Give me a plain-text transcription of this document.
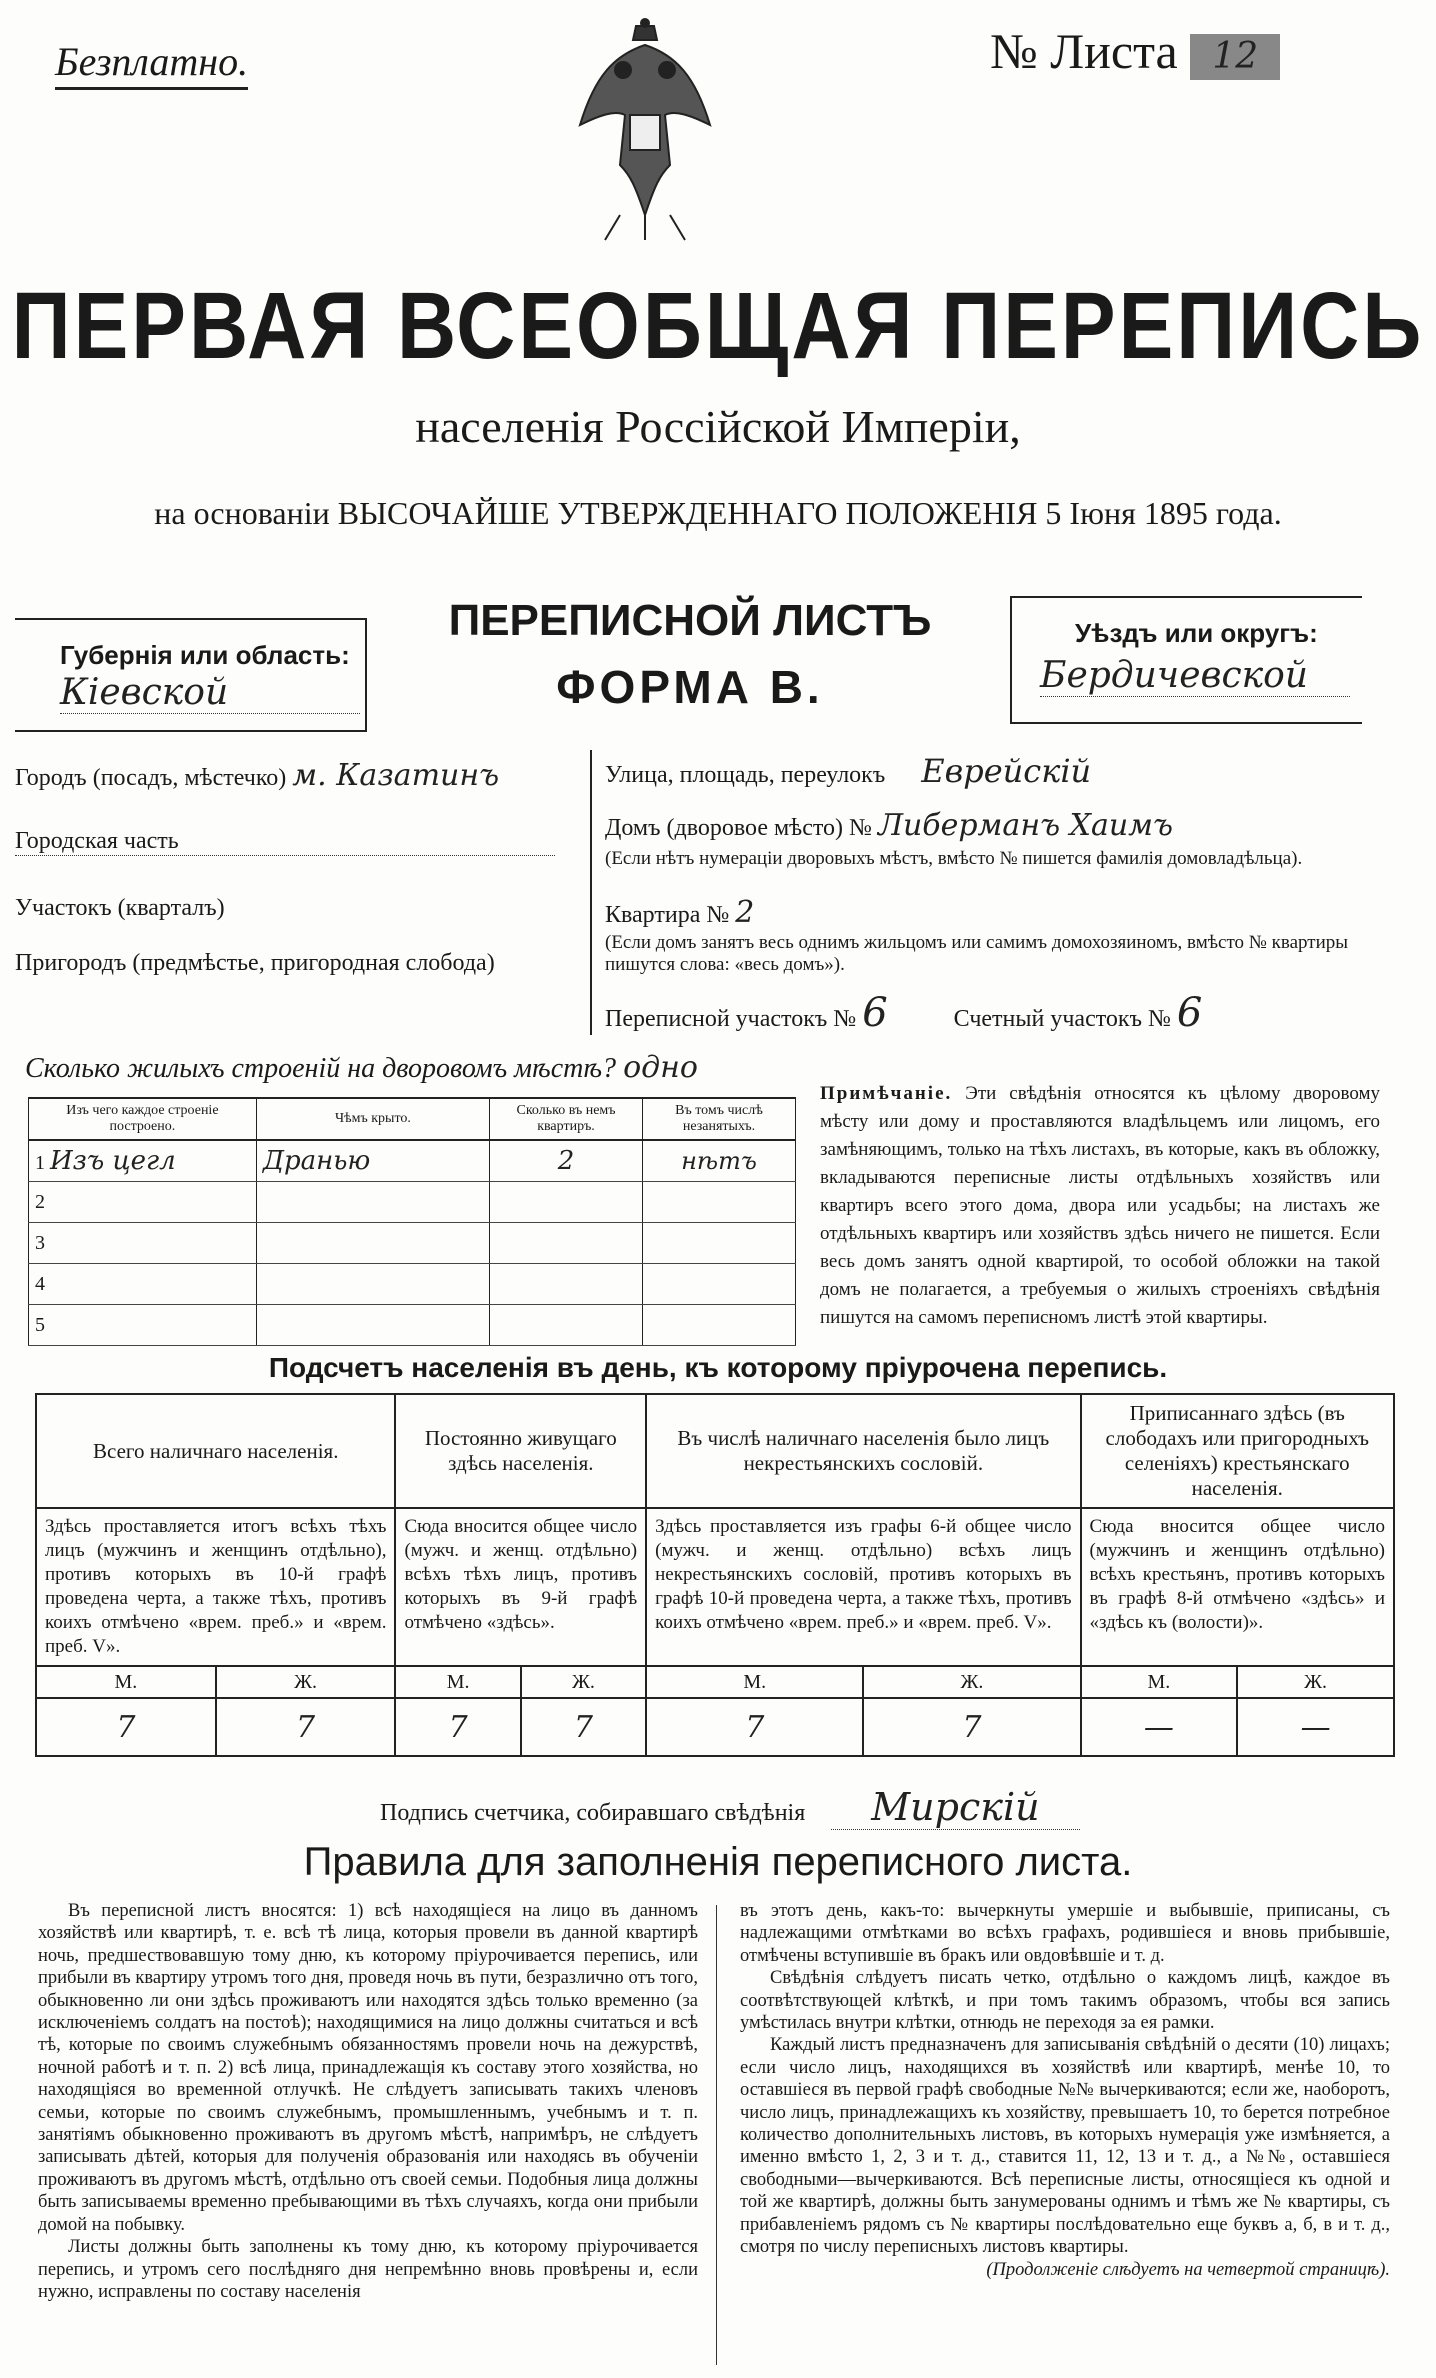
Безплатно.	№ Листа 12
ПЕРВАЯ ВСЕОБЩАЯ ПЕРЕПИСЬ
населенія Россійской Имперіи,
на основаніи ВЫСОЧАЙШЕ УТВЕРЖДЕННАГО ПОЛОЖЕНІЯ 5 Іюня 1895 года.
Губернія или область:
Кіевской
ПЕРЕПИСНОЙ ЛИСТЪ
ФОРМА В.
Уѣздъ или округъ:
Бердичевской
Городъ (посадъ, мѣстечко) м. Казатинъ
Городская часть
Участокъ (кварталъ)
Пригородъ (предмѣстье, пригородная слобода)
Улица, площадь, переулокъ Еврейскій
Домъ (дворовое мѣсто) № Либерманъ Хаимъ
(Если нѣтъ нумераціи дворовыхъ мѣстъ, вмѣсто № пишется фамилія домовладѣльца).
Квартира № 2
(Если домъ занятъ весь однимъ жильцомъ или самимъ домохозяиномъ, вмѣсто № квартиры пишутся слова: «весь домъ»).
Переписной участокъ № 6	Счетный участокъ № 6
Сколько жилыхъ строеній на дворовомъ мѣстѣ? одно
Изъ чего каждое строеніе построено.	Чѣмъ крыто.	Сколько въ немъ квартиръ.	Въ томъ числѣ незанятыхъ.
1 Изъ цегл	Дранью	2	нѣтъ
2			
3			
4			
5			
Примѣчаніе. Эти свѣдѣнія относятся къ цѣлому дворовому мѣсту или дому и проставляются владѣльцемъ или лицомъ, его замѣняющимъ, только на тѣхъ листахъ, въ которые, какъ въ обложку, вкладываются переписные листы отдѣльныхъ хозяйствъ или квартиръ всего этого дома, двора или усадьбы; на листахъ же отдѣльныхъ квартиръ или хозяйствъ здѣсь ничего не пишется. Если весь домъ занятъ одной квартирой, то особой обложки на такой домъ не полагается, а требуемыя о жилыхъ строеніяхъ свѣдѣнія пишутся на самомъ переписномъ листѣ этой квартиры.
Подсчетъ населенія въ день, къ которому пріурочена перепись.
Всего наличнаго населенія.		Постоянно живущаго здѣсь населенія.		Въ числѣ наличнаго населенія было лицъ некрестьянскихъ сословій.		Приписаннаго здѣсь (въ слободахъ или пригородныхъ селеніяхъ) крестьянскаго населенія.	
Здѣсь проставляется итогъ всѣхъ тѣхъ лицъ (мужчинъ и женщинъ отдѣльно), противъ которыхъ въ 10-й графѣ проведена черта, а также тѣхъ, противъ коихъ отмѣчено «врем. преб.» и «врем. преб. V».		Сюда вносится общее число (мужч. и женщ. отдѣльно) всѣхъ тѣхъ лицъ, противъ которыхъ въ 9-й графѣ отмѣчено «здѣсь».		Здѣсь проставляется изъ графы 6-й общее число (мужч. и женщ. отдѣльно) всѣхъ лицъ некрестьянскихъ сословій, противъ которыхъ въ графѣ 10-й проведена черта, а также тѣхъ, противъ коихъ отмѣчено «врем. преб.» и «врем. преб. V».		Сюда вносится общее число (мужчинъ и женщинъ отдѣльно) всѣхъ крестьянъ, противъ которыхъ въ графѣ 8-й отмѣчено «здѣсь» и «здѣсь къ (волости)».	
М.	Ж.	М.	Ж.	М.	Ж.	М.	Ж.
7	7	7	7	7	7	—	—
Подпись счетчика, собиравшаго свѣдѣнія Мирскій
Правила для заполненія переписного листа.
Въ переписной листъ вносятся: 1) всѣ находящіеся на лицо въ данномъ хозяйствѣ или квартирѣ, т. е. всѣ тѣ лица, которыя провели въ данной квартирѣ ночь, предшествовавшую тому дню, къ которому пріурочивается перепись, или прибыли въ квартиру утромъ того дня, проведя ночь въ пути, безразлично отъ того, обыкновенно ли они здѣсь проживаютъ или находятся здѣсь только временно (за исключеніемъ солдатъ на постоѣ); находящимися на лицо должны считаться и всѣ тѣ, которые по своимъ служебнымъ обязанностямъ провели ночь на дежурствѣ, ночной работѣ и т. п. 2) всѣ лица, принадлежащія къ составу этого хозяйства, но находящіяся во временной отлучкѣ. Не слѣдуетъ записывать такихъ членовъ семьи, которые по своимъ служебнымъ, промышленнымъ, учебнымъ и т. п. занятіямъ обыкновенно проживаютъ въ другомъ мѣстѣ, напримѣръ, не слѣдуетъ записывать дѣтей, которыя для полученія образованія или находясь въ обученіи проживаютъ въ другомъ мѣстѣ, отдѣльно отъ своей семьи. Подобныя лица должны быть записываемы временно пребывающими въ тѣхъ случаяхъ, когда они прибыли домой на побывку.
Листы должны быть заполнены къ тому дню, къ которому пріурочивается перепись, и утромъ сего послѣдняго дня непремѣнно вновь провѣрены и, если нужно, исправлены по составу населенія
въ этотъ день, какъ-то: вычеркнуты умершіе и выбывшіе, приписаны, съ надлежащими отмѣтками во всѣхъ графахъ, родившіеся и вновь прибывшіе, отмѣчены вступившіе въ бракъ или овдовѣвшіе и т. д.
Свѣдѣнія слѣдуетъ писать четко, отдѣльно о каждомъ лицѣ, каждое въ соотвѣтствующей клѣткѣ, и при томъ такимъ образомъ, чтобы вся запись умѣстилась внутри клѣтки, отнюдь не переходя за ея рамки.
Каждый листъ предназначенъ для записыванія свѣдѣній о десяти (10) лицахъ; если число лицъ, находящихся въ хозяйствѣ или квартирѣ, менѣе 10, то оставшіеся въ первой графѣ свободные №№ вычеркиваются; если же, наоборотъ, число лицъ, принадлежащихъ къ хозяйству, превышаетъ 10, то берется потребное количество дополнительныхъ листовъ, въ которыхъ нумерація уже измѣняется, а именно вмѣсто 1, 2, 3 и т. д., ставится 11, 12, 13 и т. д., а №№, оставшіеся свободными—вычеркиваются. Всѣ переписные листы, относящіеся къ одной и той же квартирѣ, должны быть занумерованы однимъ и тѣмъ же № квартиры, съ прибавленіемъ рядомъ съ № квартиры послѣдовательно еще буквъ а, б, в и т. д., смотря по числу переписныхъ листовъ квартиры.
(Продолженіе слѣдуетъ на четвертой страницѣ).
